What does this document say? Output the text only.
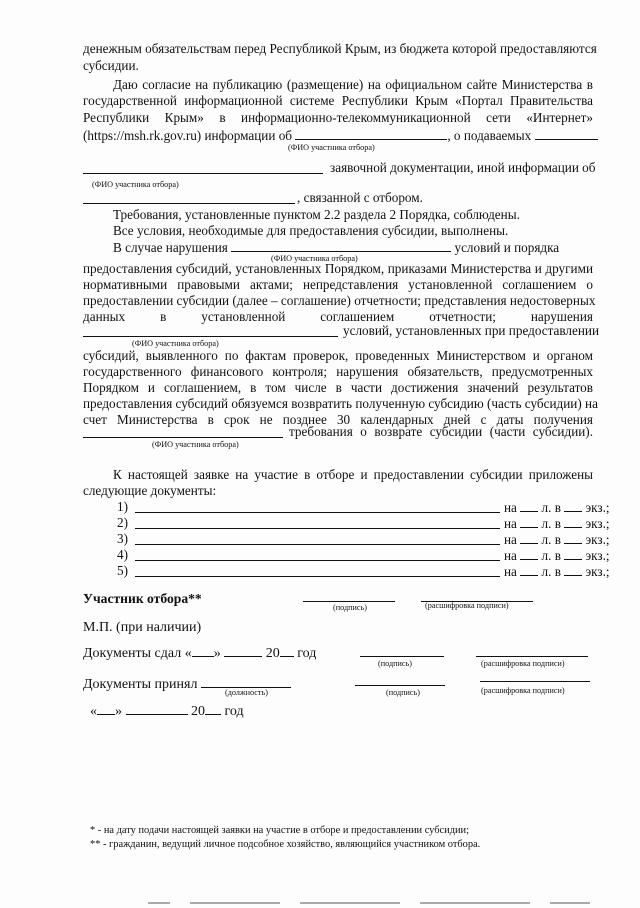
денежным обязательствам перед Республикой Крым, из бюджета которой предоставляются
субсидии.
Даю согласие на публикацию (размещение) на официальном сайте Министерства в
государственной информационной системе Республики Крым «Портал Правительства
Республики Крым» в информационно-телекоммуникационной сети «Интернет»
(https://msh.rk.gov.ru) информации об	, о подаваемых
(ФИО участника отбора)
заявочной документации, иной информации об
(ФИО участника отбора)
, связанной с отбором.
Требования, установленные пунктом 2.2 раздела 2 Порядка, соблюдены.
Все условия, необходимые для предоставления субсидии, выполнены.
В случае нарушения	условий и порядка
(ФИО участника отбора)
предоставления субсидий, установленных Порядком, приказами Министерства и другими
нормативными правовыми актами; непредставления установленной соглашением о
предоставлении субсидии (далее – соглашение) отчетности; представления недостоверных
данных в установленной соглашением отчетности; нарушения
условий, установленных при предоставлении
(ФИО участника отбора)
субсидий, выявленного по фактам проверок, проведенных Министерством и органом
государственного финансового контроля; нарушения обязательств, предусмотренных
Порядком и соглашением, в том числе в части достижения значений результатов
предоставления субсидий обязуемся возвратить полученную субсидию (часть субсидии) на
счет Министерства в срок не позднее 30 календарных дней с даты получения
требования о возврате субсидии (части субсидии).
(ФИО участника отбора)
К настоящей заявке на участие в отборе и предоставлении субсидии приложены
следующие документы:
1)	на л. в экз.;
2)	на л. в экз.;
3)	на л. в экз.;
4)	на л. в экз.;
5)	на л. в экз.;
Участник отбора**
(подпись)	(расшифровка подписи)
М.П. (при наличии)
Документы сдал « »	20 год
(подпись)	(расшифровка подписи)
Документы принял
(должность)	(подпись)	(расшифровка подписи)
« »	20 год
* - на дату подачи настоящей заявки на участие в отборе и предоставлении субсидии;
** - гражданин, ведущий личное подсобное хозяйство, являющийся участником отбора.
